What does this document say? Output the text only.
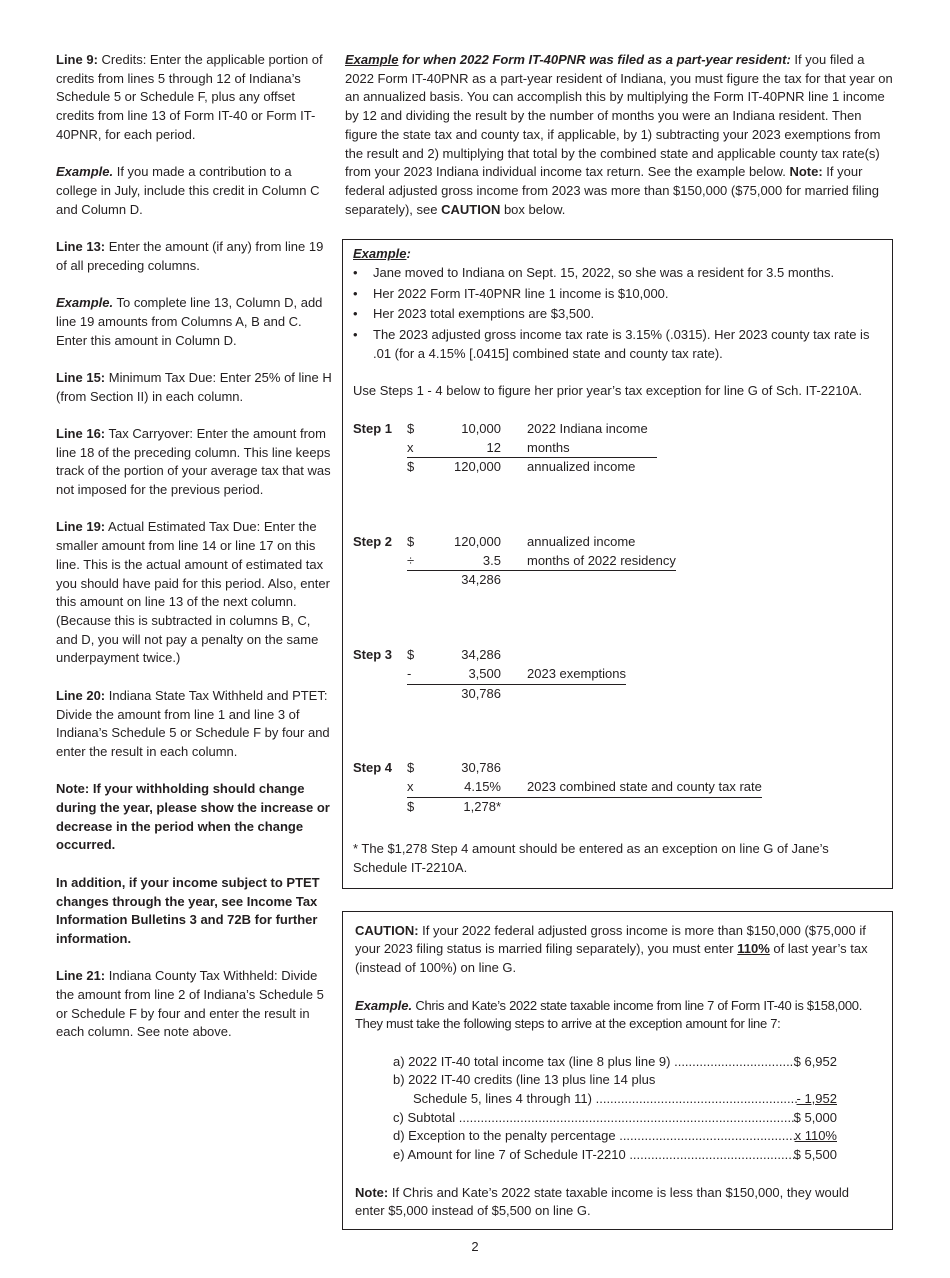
Line 9: Credits: Enter the applicable portion of credits from lines 5 through 12 of Indiana’s Schedule 5 or Schedule F, plus any offset credits from line 13 of Form IT-40 or Form IT-40PNR, for each period.

Example. If you made a contribution to a college in July, include this credit in Column C and Column D.

Line 13: Enter the amount (if any) from line 19 of all preceding columns.

Example. To complete line 13, Column D, add line 19 amounts from Columns A, B and C. Enter this amount in Column D.

Line 15: Minimum Tax Due: Enter 25% of line H (from Section II) in each column.

Line 16: Tax Carryover: Enter the amount from line 18 of the preceding column. This line keeps track of the portion of your average tax that was not imposed for the previous period.

Line 19: Actual Estimated Tax Due: Enter the smaller amount from line 14 or line 17 on this line. This is the actual amount of estimated tax you should have paid for this period. Also, enter this amount on line 13 of the next column. (Because this is subtracted in columns B, C, and D, you will not pay a penalty on the same underpayment twice.)

Line 20: Indiana State Tax Withheld and PTET: Divide the amount from line 1 and line 3 of Indiana’s Schedule 5 or Schedule F by four and enter the result in each column.

Note: If your withholding should change during the year, please show the increase or decrease in the period when the change occurred.

In addition, if your income subject to PTET changes through the year, see Income Tax Information Bulletins 3 and 72B for further information.

Line 21: Indiana County Tax Withheld: Divide the amount from line 2 of Indiana’s Schedule 5 or Schedule F by four and enter the result in each column. See note above.

Example for when 2022 Form IT-40PNR was filed as a part-year resident: If you filed a 2022 Form IT-40PNR as a part-year resident of Indiana, you must figure the tax for that year on an annualized basis. You can accomplish this by multiplying the Form IT-40PNR line 1 income by 12 and dividing the result by the number of months you were an Indiana resident. Then figure the state tax and county tax, if applicable, by 1) subtracting your 2023 exemptions from the result and 2) multiplying that total by the combined state and applicable county tax rate(s) from your 2023 Indiana individual income tax return. See the example below. Note: If your federal adjusted gross income from 2023 was more than $150,000 ($75,000 for married filing separately), see CAUTION box below.

Example:
• Jane moved to Indiana on Sept. 15, 2022, so she was a resident for 3.5 months.
• Her 2022 Form IT-40PNR line 1 income is $10,000.
• Her 2023 total exemptions are $3,500.
• The 2023 adjusted gross income tax rate is 3.15% (.0315). Her 2023 county tax rate is .01 (for a 4.15% [.0415] combined state and county tax rate).
Use Steps 1 - 4 below to figure her prior year’s tax exception for line G of Sch. IT-2210A.
Step 1	$	10,000 2022 Indiana income
x	12 months
$	120,000 annualized income
Step 2	$	120,000 annualized income
÷	3.5 months of 2022 residency
34,286
Step 3	$	34,286
-	3,500 2023 exemptions
30,786
Step 4	$	30,786
x	4.15% 2023 combined state and county tax rate
$	1,278*
* The $1,278 Step 4 amount should be entered as an exception on line G of Jane’s Schedule IT-2210A.
CAUTION: If your 2022 federal adjusted gross income is more than $150,000 ($75,000 if your 2023 filing status is married filing separately), you must enter 110% of last year’s tax (instead of 100%) on line G.
Example. Chris and Kate’s 2022 state taxable income from line 7 of Form IT-40 is $158,000. They must take the following steps to arrive at the exception amount for line 7:
a) 2022 IT-40 total income tax (line 8 plus line 9) .....	$ 6,952
b) 2022 IT-40 credits (line 13 plus line 14 plus
Schedule 5, lines 4 through 11) .....	- 1,952
c) Subtotal .....	$ 5,000
d) Exception to the penalty percentage .....	x 110%
e) Amount for line 7 of Schedule IT-2210 .....	$ 5,500
Note: If Chris and Kate’s 2022 state taxable income is less than $150,000, they would enter $5,000 instead of $5,500 on line G.
2
